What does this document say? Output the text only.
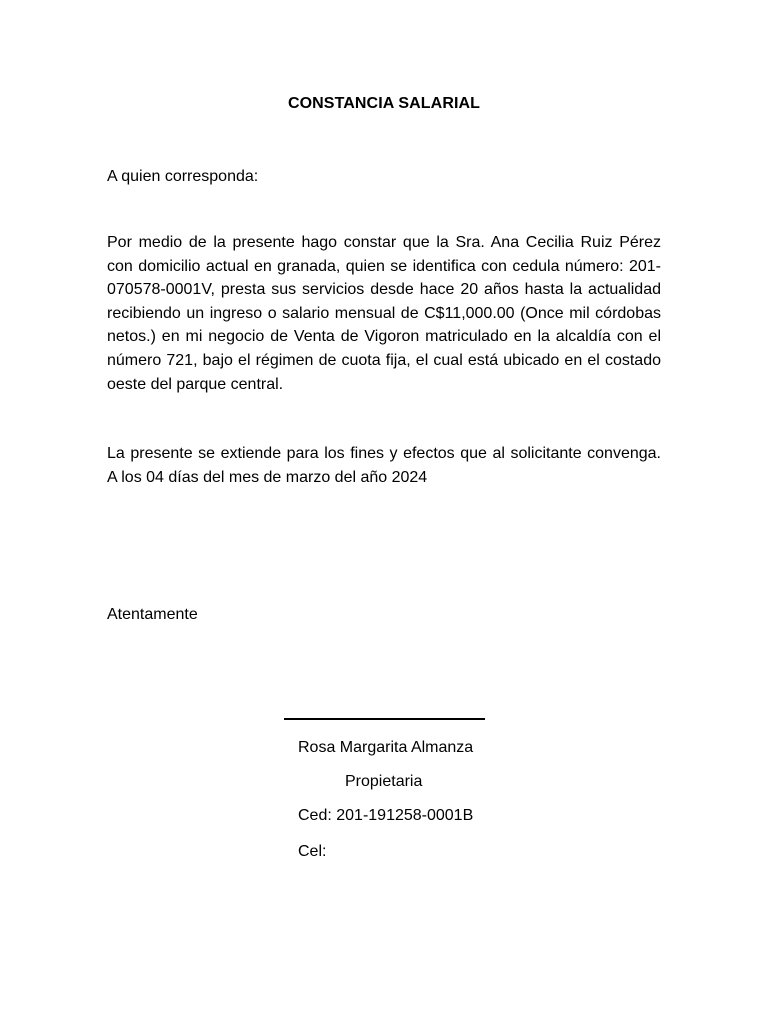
CONSTANCIA SALARIAL
A quien corresponda:
Por medio de la presente hago constar que la Sra. Ana Cecilia Ruiz Pérez con domicilio actual en granada, quien se identifica con cedula número: 201-070578-0001V, presta sus servicios desde hace 20 años hasta la actualidad recibiendo un ingreso o salario mensual de C$11,000.00 (Once mil córdobas netos.) en mi negocio de Venta de Vigoron matriculado en la alcaldía con el número 721, bajo el régimen de cuota fija, el cual está ubicado en el costado oeste del parque central.
La presente se extiende para los fines y efectos que al solicitante convenga. A los 04 días del mes de marzo del año 2024
Atentamente
Rosa Margarita Almanza
Propietaria
Ced: 201-191258-0001B
Cel:
